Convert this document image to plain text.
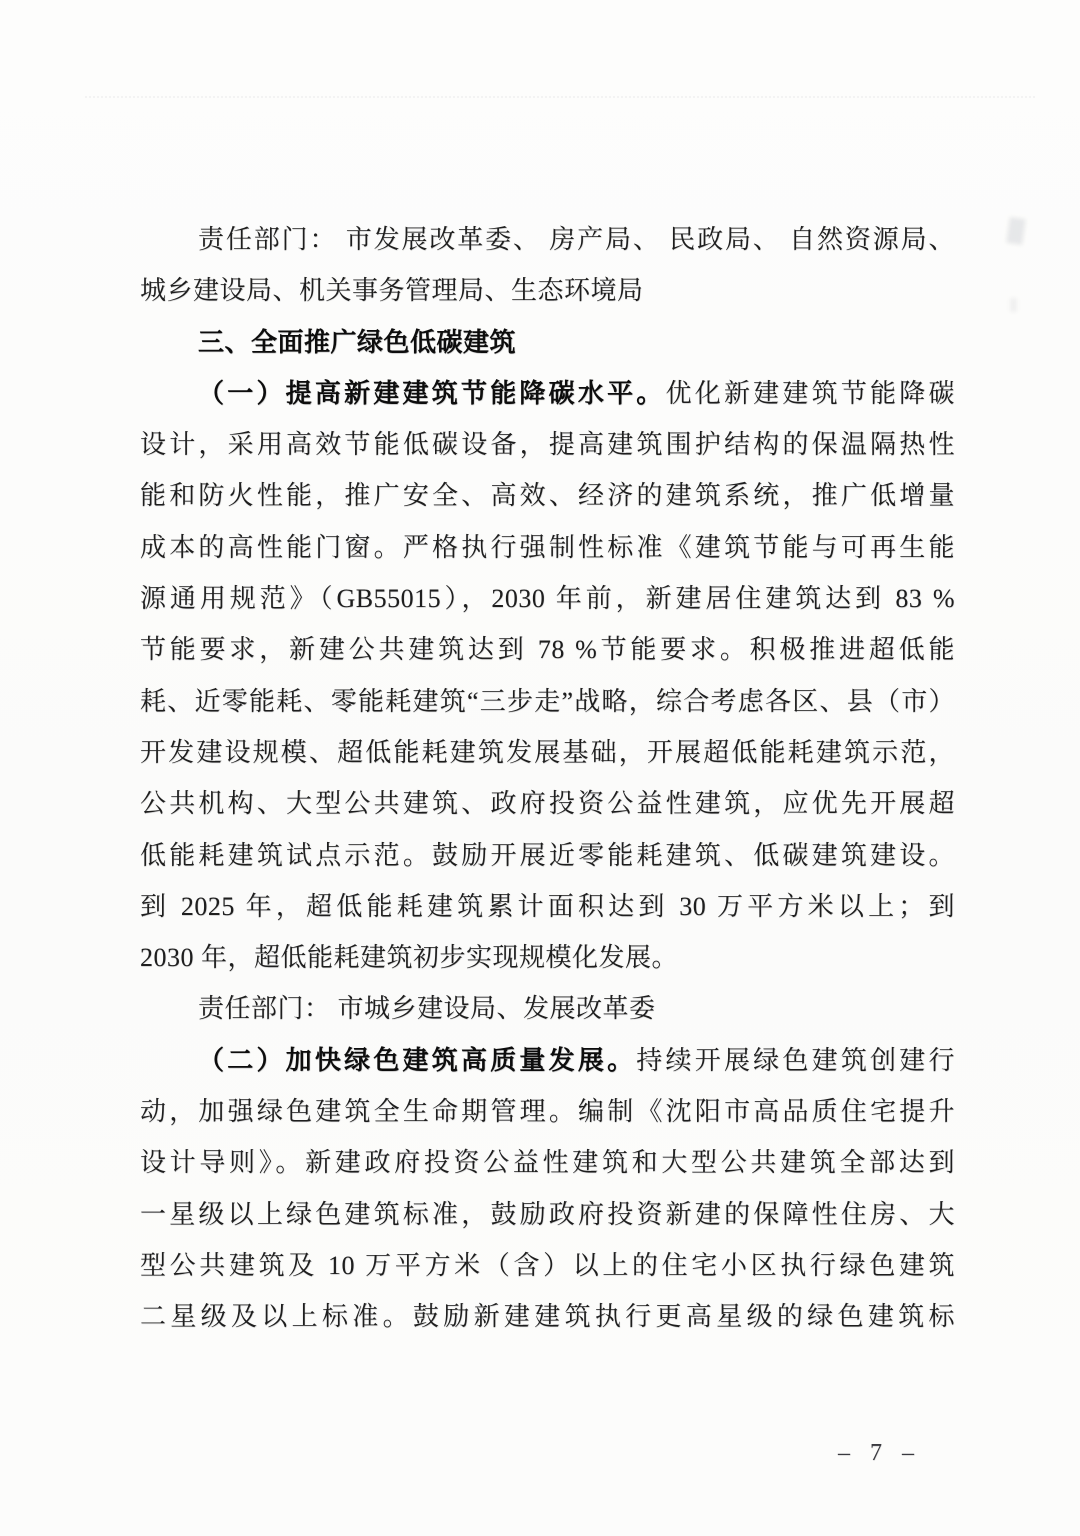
责任部门： 市发展改革委、 房产局、 民政局、 自然资源局、
城乡建设局、机关事务管理局、生态环境局
三、全面推广绿色低碳建筑
（一）提高新建建筑节能降碳水平。优化新建建筑节能降碳
设计，采用高效节能低碳设备，提高建筑围护结构的保温隔热性
能和防火性能，推广安全、高效、经济的建筑系统，推广低增量
成本的高性能门窗。严格执行强制性标准《建筑节能与可再生能
源通用规范》（GB55015），2030 年前，新建居住建筑达到 83 %
节能要求，新建公共建筑达到 78 %节能要求。积极推进超低能
耗、近零能耗、零能耗建筑“三步走”战略，综合考虑各区、县（市）
开发建设规模、超低能耗建筑发展基础，开展超低能耗建筑示范，
公共机构、大型公共建筑、政府投资公益性建筑，应优先开展超
低能耗建筑试点示范。鼓励开展近零能耗建筑、低碳建筑建设。
到 2025 年，超低能耗建筑累计面积达到 30 万平方米以上；到
2030 年，超低能耗建筑初步实现规模化发展。
责任部门： 市城乡建设局、发展改革委
（二）加快绿色建筑高质量发展。持续开展绿色建筑创建行
动，加强绿色建筑全生命期管理。编制《沈阳市高品质住宅提升
设计导则》。新建政府投资公益性建筑和大型公共建筑全部达到
一星级以上绿色建筑标准，鼓励政府投资新建的保障性住房、大
型公共建筑及 10 万平方米（含）以上的住宅小区执行绿色建筑
二星级及以上标准。鼓励新建建筑执行更高星级的绿色建筑标
– 7 –
